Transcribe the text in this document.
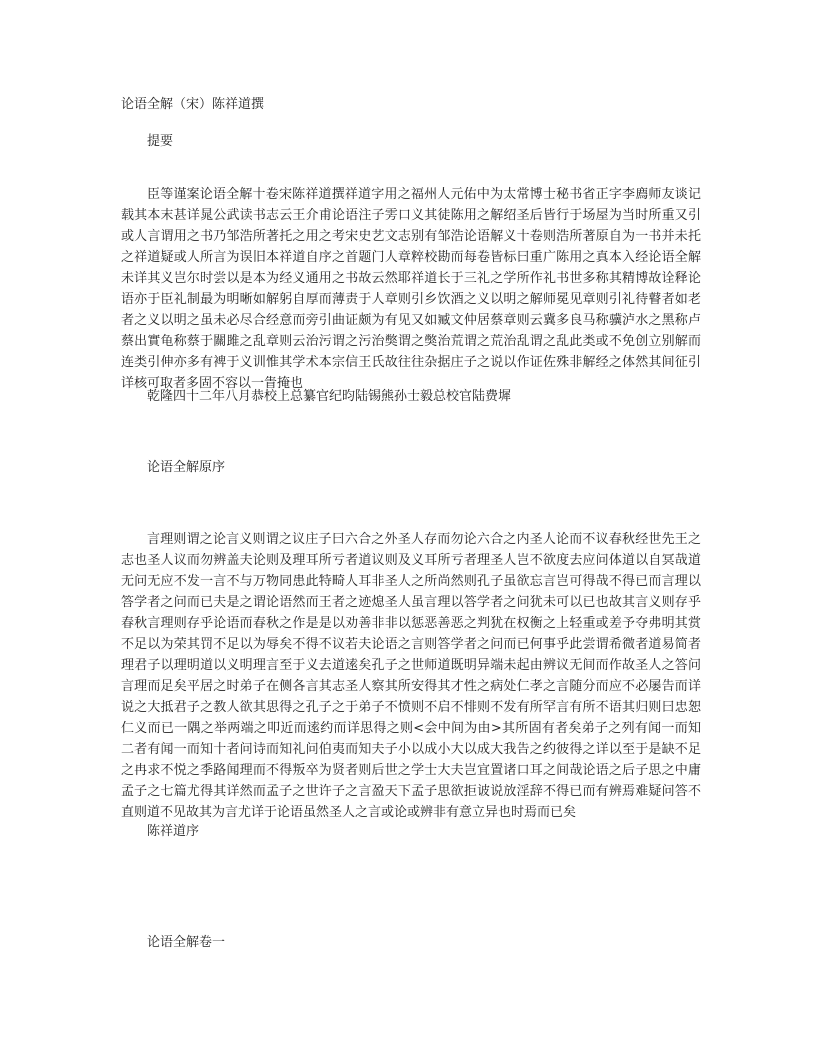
论语全解（宋）陈祥道撰
提要
臣等谨案论语全解十卷宋陈祥道撰祥道字用之福州人元佑中为太常博士秘书省正字李廌师友谈记载其本末甚详晁公武读书志云王介甫论语注子雱口义其徒陈用之解绍圣后皆行于场屋为当时所重又引或人言谓用之书乃邹浩所著托之用之考宋史艺文志别有邹浩论语解义十卷则浩所著原自为一书并未托之祥道疑或人所言为误旧本祥道自序之首题门人章粹校勘而每卷皆标曰重广陈用之真本入经论语全解未详其义岂尔时尝以是本为经义通用之书故云然耶祥道长于三礼之学所作礼书世多称其精博故诠释论语亦于臣礼制最为明晰如解躬自厚而薄责于人章则引乡饮酒之义以明之解师冕见章则引礼待瞽者如老者之义以明之虽未必尽合经意而旁引曲证颇为有见又如臧文仲居蔡章则云冀多良马称骥泸水之黑称卢蔡出實龟称蔡于關雎之乱章则云治污谓之污治獘谓之獘治荒谓之荒治乱谓之乱此类或不免创立别解而连类引伸亦多有裨于义训惟其学术本宗信王氏故往往杂据庄子之说以作证佐殊非解经之体然其间征引详核可取者多固不容以一眚掩也
乾隆四十二年八月恭校上总纂官纪昀陆锡熊孙士毅总校官陆费墀
论语全解原序
言理则谓之论言义则谓之议庄子曰六合之外圣人存而勿论六合之内圣人论而不议春秋经世先王之志也圣人议而勿辨盖夫论则及理耳所亏者道议则及义耳所亏者理圣人岂不欲度去应问体道以自冥哉道无问无应不发一言不与万物同患此特畸人耳非圣人之所尚然则孔子虽欲忘言岂可得哉不得已而言理以答学者之问而已夫是之谓论语然而王者之迹熄圣人虽言理以答学者之问犹未可以已也故其言义则存乎春秋言理则存乎论语而春秋之作是是以劝善非非以惩恶善恶之判犹在权衡之上轻重或差予夺弗明其赏不足以为荣其罚不足以为辱矣不得不议若夫论语之言则答学者之问而已何事乎此尝谓希微者道易简者理君子以理明道以义明理言至于义去道逺矣孔子之世师道既明异端未起由辨议无间而作故圣人之答问言理而足矣平居之时弟子在侧各言其志圣人察其所安得其才性之病处仁孝之言随分而应不必屡告而详说之大抵君子之教人欲其思得之孔子之于弟子不愤则不启不悱则不发有所罕言有所不语其归则曰忠恕仁义而已一隅之举两端之叩近而逺约而详思得之则<会中间为由>其所固有者矣弟子之列有闻一而知二者有闻一而知十者问诗而知礼问伯夷而知夫子小以成小大以成大我告之约彼得之详以至于是缺不足之冉求不悦之季路闻理而不得叛卒为贤者则后世之学士大夫岂宜置诸口耳之间哉论语之后子思之中庸孟子之七篇尤得其详然而孟子之世许子之言盈天下孟子思欲拒诐说放淫辞不得已而有辨焉难疑问答不直则道不见故其为言尤详于论语虽然圣人之言或论或辨非有意立异也时焉而已矣
陈祥道序
论语全解卷一
